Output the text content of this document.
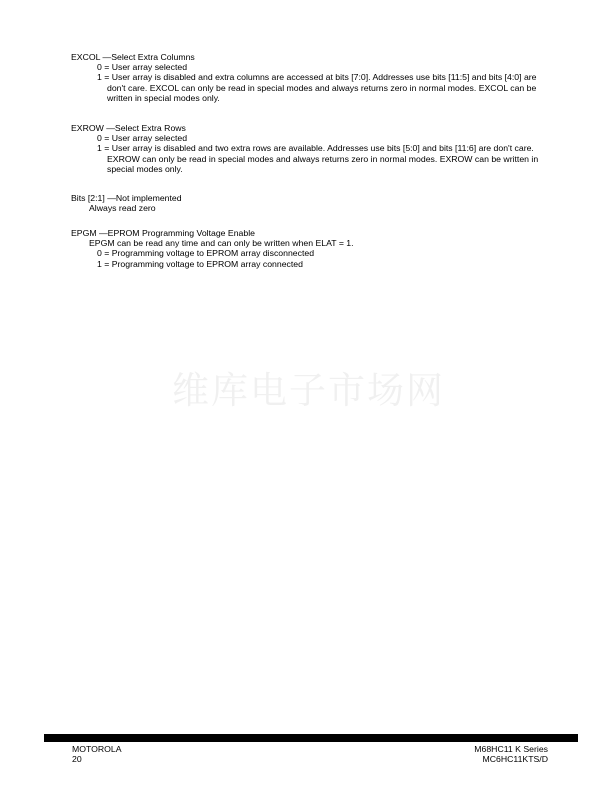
EXCOL —Select Extra Columns
0 = User array selected
1 = User array is disabled and extra columns are accessed at bits [7:0]. Addresses use bits [11:5] and bits [4:0] are don't care. EXCOL can only be read in special modes and always returns zero in normal modes. EXCOL can be written in special modes only.
EXROW —Select Extra Rows
0 = User array selected
1 = User array is disabled and two extra rows are available. Addresses use bits [5:0] and bits [11:6] are don't care. EXROW can only be read in special modes and always returns zero in normal modes. EXROW can be written in special modes only.
Bits [2:1] —Not implemented
Always read zero
EPGM —EPROM Programming Voltage Enable
EPGM can be read any time and can only be written when ELAT = 1.
0 = Programming voltage to EPROM array disconnected
1 = Programming voltage to EPROM array connected
维库电子市场网
MOTOROLA
20
M68HC11 K Series
MC6HC11KTS/D
